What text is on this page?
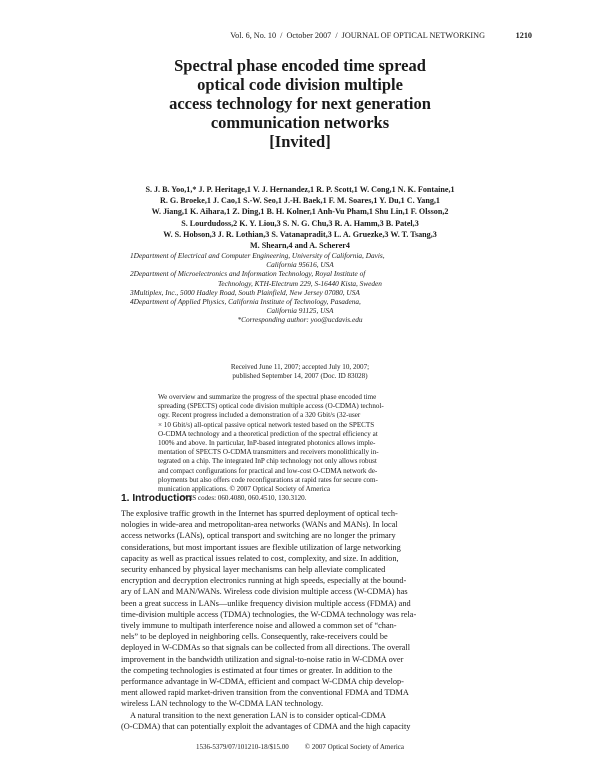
Vol. 6, No. 10 / October 2007 / JOURNAL OF OPTICAL NETWORKING	1210
Spectral phase encoded time spread
optical code division multiple
access technology for next generation
communication networks
[Invited]
S. J. B. Yoo,1,* J. P. Heritage,1 V. J. Hernandez,1 R. P. Scott,1 W. Cong,1 N. K. Fontaine,1
R. G. Broeke,1 J. Cao,1 S.-W. Seo,1 J.-H. Baek,1 F. M. Soares,1 Y. Du,1 C. Yang,1
W. Jiang,1 K. Aihara,1 Z. Ding,1 B. H. Kolner,1 Anh-Vu Pham,1 Shu Lin,1 F. Olsson,2
S. Lourdudoss,2 K. Y. Liou,3 S. N. G. Chu,3 R. A. Hamm,3 B. Patel,3
W. S. Hobson,3 J. R. Lothian,3 S. Vatanapradit,3 L. A. Gruezke,3 W. T. Tsang,3
M. Shearn,4 and A. Scherer4
1Department of Electrical and Computer Engineering, University of California, Davis,
California 95616, USA
2Department of Microelectronics and Information Technology, Royal Institute of
Technology, KTH-Electrum 229, S-16440 Kista, Sweden
3Multiplex, Inc., 5000 Hadley Road, South Plainfield, New Jersey 07080, USA
4Department of Applied Physics, California Institute of Technology, Pasadena,
California 91125, USA
*Corresponding author: yoo@ucdavis.edu
Received June 11, 2007; accepted July 10, 2007;
published September 14, 2007 (Doc. ID 83028)
We overview and summarize the progress of the spectral phase encoded time
spreading (SPECTS) optical code division multiple access (O-CDMA) technol-
ogy. Recent progress included a demonstration of a 320 Gbit/s (32-user
× 10 Gbit/s) all-optical passive optical network tested based on the SPECTS
O-CDMA technology and a theoretical prediction of the spectral efficiency at
100% and above. In particular, InP-based integrated photonics allows imple-
mentation of SPECTS O-CDMA transmitters and receivers monolithically in-
tegrated on a chip. The integrated InP chip technology not only allows robust
and compact configurations for practical and low-cost O-CDMA network de-
ployments but also offers code reconfigurations at rapid rates for secure com-
munication applications. © 2007 Optical Society of America
OCIS codes: 060.4080, 060.4510, 130.3120.
1. Introduction
The explosive traffic growth in the Internet has spurred deployment of optical tech-
nologies in wide-area and metropolitan-area networks (WANs and MANs). In local
access networks (LANs), optical transport and switching are no longer the primary
considerations, but most important issues are flexible utilization of large networking
capacity as well as practical issues related to cost, complexity, and size. In addition,
security enhanced by physical layer mechanisms can help alleviate complicated
encryption and decryption electronics running at high speeds, especially at the bound-
ary of LAN and MAN/WANs. Wireless code division multiple access (W-CDMA) has
been a great success in LANs—unlike frequency division multiple access (FDMA) and
time-division multiple access (TDMA) technologies, the W-CDMA technology was rela-
tively immune to multipath interference noise and allowed a common set of “chan-
nels” to be deployed in neighboring cells. Consequently, rake-receivers could be
deployed in W-CDMAs so that signals can be collected from all directions. The overall
improvement in the bandwidth utilization and signal-to-noise ratio in W-CDMA over
the competing technologies is estimated at four times or greater. In addition to the
performance advantage in W-CDMA, efficient and compact W-CDMA chip develop-
ment allowed rapid market-driven transition from the conventional FDMA and TDMA
wireless LAN technology to the W-CDMA LAN technology.
A natural transition to the next generation LAN is to consider optical-CDMA
(O-CDMA) that can potentially exploit the advantages of CDMA and the high capacity
1536-5379/07/101210-18/$15.00 © 2007 Optical Society of America
